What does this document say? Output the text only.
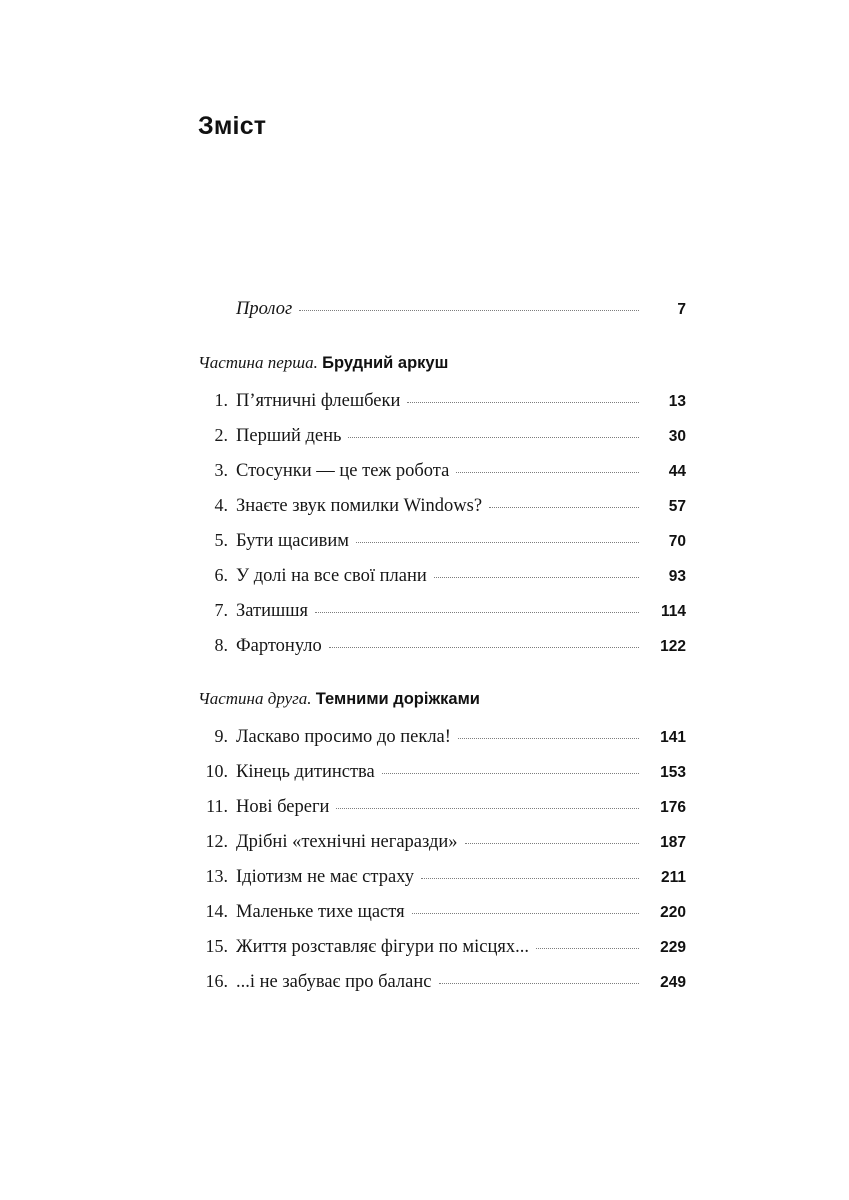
Зміст
Пролог	7
Частина перша. Брудний аркуш
1. П’ятничні флешбеки	13
2. Перший день	30
3. Стосунки — це теж робота	44
4. Знаєте звук помилки Windows?	57
5. Бути щасивим	70
6. У долі на все свої плани	93
7. Затишшя	114
8. Фартонуло	122
Частина друга. Темними доріжками
9. Ласкаво просимо до пекла!	141
10. Кінець дитинства	153
11. Нові береги	176
12. Дрібні «технічні негаразди»	187
13. Ідіотизм не має страху	211
14. Маленьке тихе щастя	220
15. Життя розставляє фігури по місцях...	229
16. ...і не забуває про баланс	249
